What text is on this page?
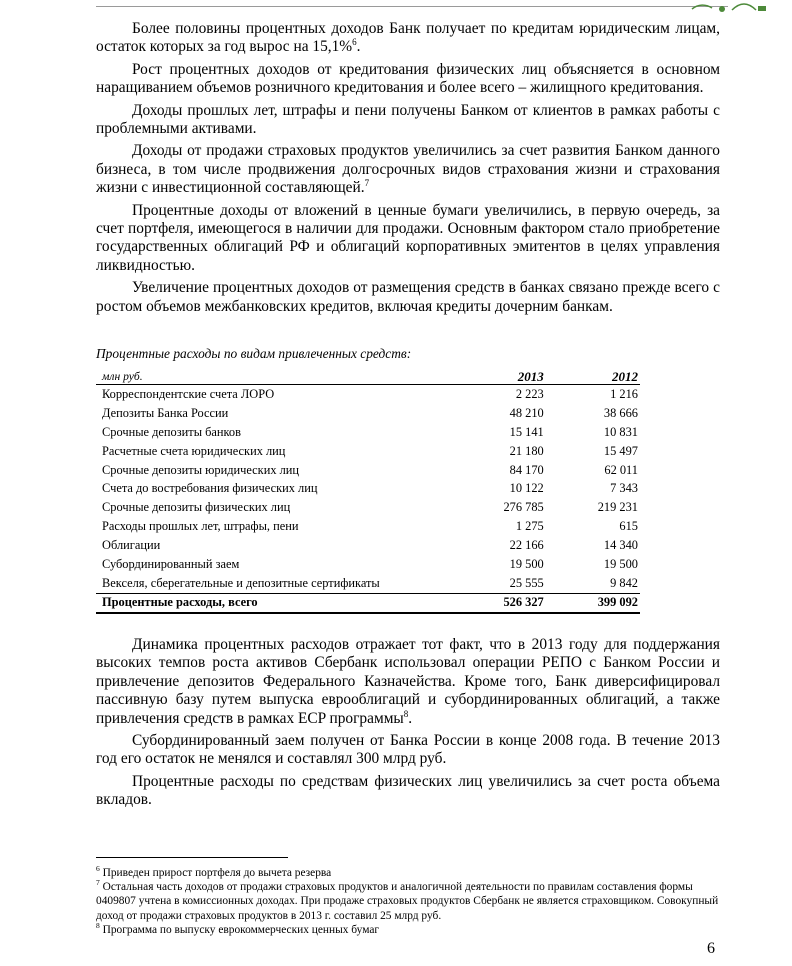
Более половины процентных доходов Банк получает по кредитам юридическим лицам, остаток которых за год вырос на 15,1%$^6$.

Рост процентных доходов от кредитования физических лиц объясняется в основном наращиванием объемов розничного кредитования и более всего – жилищного кредитования.

Доходы прошлых лет, штрафы и пени получены Банком от клиентов в рамках работы с проблемными активами.

Доходы от продажи страховых продуктов увеличились за счет развития Банком данного бизнеса, в том числе продвижения долгосрочных видов страхования жизни и страхования жизни с инвестиционной составляющей.$^7$

Процентные доходы от вложений в ценные бумаги увеличились, в первую очередь, за счет портфеля, имеющегося в наличии для продажи. Основным фактором стало приобретение государственных облигаций РФ и облигаций корпоративных эмитентов в целях управления ликвидностью.

Увеличение процентных доходов от размещения средств в банках связано прежде всего с ростом объемов межбанковских кредитов, включая кредиты дочерним банкам.

Процентные расходы по видам привлеченных средств:
млн руб.	2013	2012
Корреспондентские счета ЛОРО	2 223	1 216
Депозиты Банка России	48 210	38 666
Срочные депозиты банков	15 141	10 831
Расчетные счета юридических лиц	21 180	15 497
Срочные депозиты юридических лиц	84 170	62 011
Счета до востребования физических лиц	10 122	7 343
Срочные депозиты физических лиц	276 785	219 231
Расходы прошлых лет, штрафы, пени	1 275	615
Облигации	22 166	14 340
Субординированный заем	19 500	19 500
Векселя, сберегательные и депозитные сертификаты	25 555	9 842
Процентные расходы, всего	526 327	399 092

Динамика процентных расходов отражает тот факт, что в 2013 году для поддержания высоких темпов роста активов Сбербанк использовал операции РЕПО с Банком России и привлечение депозитов Федерального Казначейства. Кроме того, Банк диверсифицировал пассивную базу путем выпуска еврооблигаций и субординированных облигаций, а также привлечения средств в рамках ECP программы$^8$.

Субординированный заем получен от Банка России в конце 2008 года. В течение 2013 год его остаток не менялся и составлял 300 млрд руб.

Процентные расходы по средствам физических лиц увеличились за счет роста объема вкладов.

$^6$ Приведен прирост портфеля до вычета резерва

$^7$ Остальная часть доходов от продажи страховых продуктов и аналогичной деятельности по правилам составления формы 0409807 учтена в комиссионных доходах. При продаже страховых продуктов Сбербанк не является страховщиком. Совокупный доход от продажи страховых продуктов в 2013 г. составил 25 млрд руб.

$^8$ Программа по выпуску еврокоммерческих ценных бумаг

6
